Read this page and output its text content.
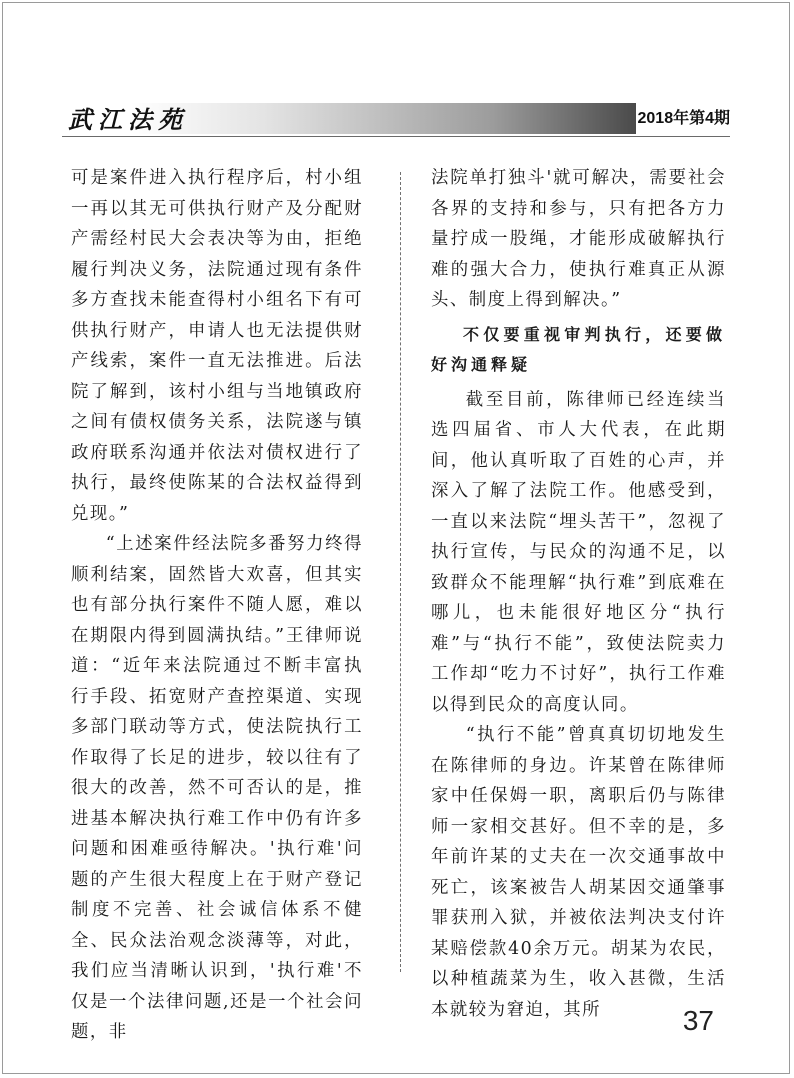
武江法苑	2018年第4期

可是案件进入执行程序后，村小组一再以其无可供执行财产及分配财产需经村民大会表决等为由，拒绝履行判决义务，法院通过现有条件多方查找未能查得村小组名下有可供执行财产，申请人也无法提供财产线索，案件一直无法推进。后法院了解到，该村小组与当地镇政府之间有债权债务关系，法院遂与镇政府联系沟通并依法对债权进行了执行，最终使陈某的合法权益得到兑现。”

“上述案件经法院多番努力终得顺利结案，固然皆大欢喜，但其实也有部分执行案件不随人愿，难以在期限内得到圆满执结。”王律师说道：“近年来法院通过不断丰富执行手段、拓宽财产查控渠道、实现多部门联动等方式，使法院执行工作取得了长足的进步，较以往有了很大的改善，然不可否认的是，推进基本解决执行难工作中仍有许多问题和困难亟待解决。'执行难'问题的产生很大程度上在于财产登记制度不完善、社会诚信体系不健全、民众法治观念淡薄等，对此，我们应当清晰认识到，'执行难'不仅是一个法律问题,还是一个社会问题，非

法院单打独斗'就可解决，需要社会各界的支持和参与，只有把各方力量拧成一股绳，才能形成破解执行难的强大合力，使执行难真正从源头、制度上得到解决。”

不仅要重视审判执行，还要做好沟通释疑

截至目前，陈律师已经连续当选四届省、市人大代表，在此期间，他认真听取了百姓的心声，并深入了解了法院工作。他感受到，一直以来法院“埋头苦干”，忽视了执行宣传，与民众的沟通不足，以致群众不能理解“执行难”到底难在哪儿，也未能很好地区分“执行难”与“执行不能”，致使法院卖力工作却“吃力不讨好”，执行工作难以得到民众的高度认同。

“执行不能”曾真真切切地发生在陈律师的身边。许某曾在陈律师家中任保姆一职，离职后仍与陈律师一家相交甚好。但不幸的是，多年前许某的丈夫在一次交通事故中死亡，该案被告人胡某因交通肇事罪获刑入狱，并被依法判决支付许某赔偿款40余万元。胡某为农民，以种植蔬菜为生，收入甚微，生活本就较为窘迫，其所	37
